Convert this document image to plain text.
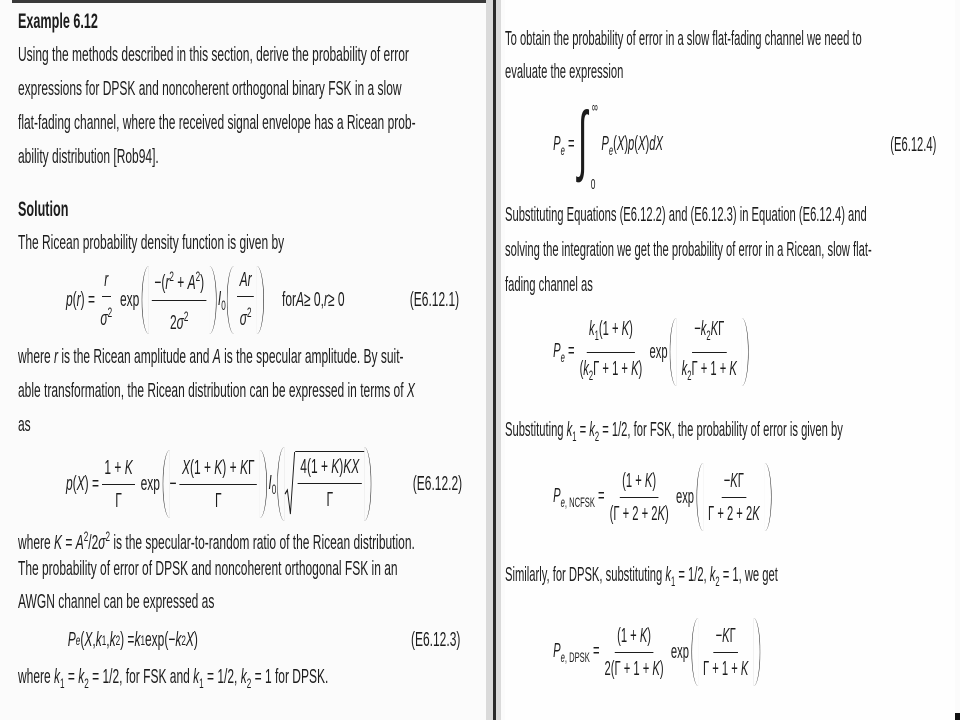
Example 6.12
Using the methods described in this section, derive the probability of error
expressions for DPSK and noncoherent orthogonal binary FSK in a slow
flat-fading channel, where the received signal envelope has a Ricean prob-
ability distribution [Rob94].
Solution
The Ricean probability density function is given by
$p(r) = \frac{r}{\sigma^2}$ $\exp \frac{-(r^2 + A^2)}{2\sigma^2} I_0 \frac{Ar}{\sigma^2}$ for A ≥ 0, r ≥ 0	(E6.12.1)
where r is the Ricean amplitude and A is the specular amplitude. By suit-
able transformation, the Ricean distribution can be expressed in terms of X
as
$p(X) = \frac{1 + K}{\Gamma}$ $\exp - \frac{X(1 + K) + K\Gamma}{\Gamma} I_0 \frac{4(1 + K)KX}{\Gamma}$	(E6.12.2)
where $K = A^2/2\sigma^2$ is the specular-to-random ratio of the Ricean distribution.
The probability of error of DPSK and noncoherent orthogonal FSK in an
AWGN channel can be expressed as
P e ( X , k 1 , k 2 ) = k 1 exp(− k 2 X )	(E6.12.3)
where $k_1 = k_2 = 1/2$, for FSK and $k_1 = 1/2$, $k_2 = 1$ for DPSK.
To obtain the probability of error in a slow flat-fading channel we need to
evaluate the expression
$P_e$ = ∫ ∞
0
$P_e(X)p(X)dX$	(E6.12.4)
Substituting Equations (E6.12.2) and (E6.12.3) in Equation (E6.12.4) and
solving the integration we get the probability of error in a Ricean, slow flat-
fading channel as
$P_e = \frac{k_1(1 + K)}{(k_2\Gamma + 1 + K)}$ $\exp \frac{-k_2K\Gamma}{k_2\Gamma + 1 + K}$
Substituting $k_1 = k_2 = 1/2$, for FSK, the probability of error is given by
$P_{e, NCFSK} = \frac{(1 + K)}{(\Gamma + 2 + 2K)}$ $\exp \frac{-K\Gamma}{\Gamma + 2 + 2K}$
Similarly, for DPSK, substituting $k_1 = 1/2$, $k_2 = 1$, we get
$P_{e, DPSK} = \frac{(1 + K)}{2(\Gamma + 1 + K)}$ $\exp \frac{-K\Gamma}{\Gamma + 1 + K}$
